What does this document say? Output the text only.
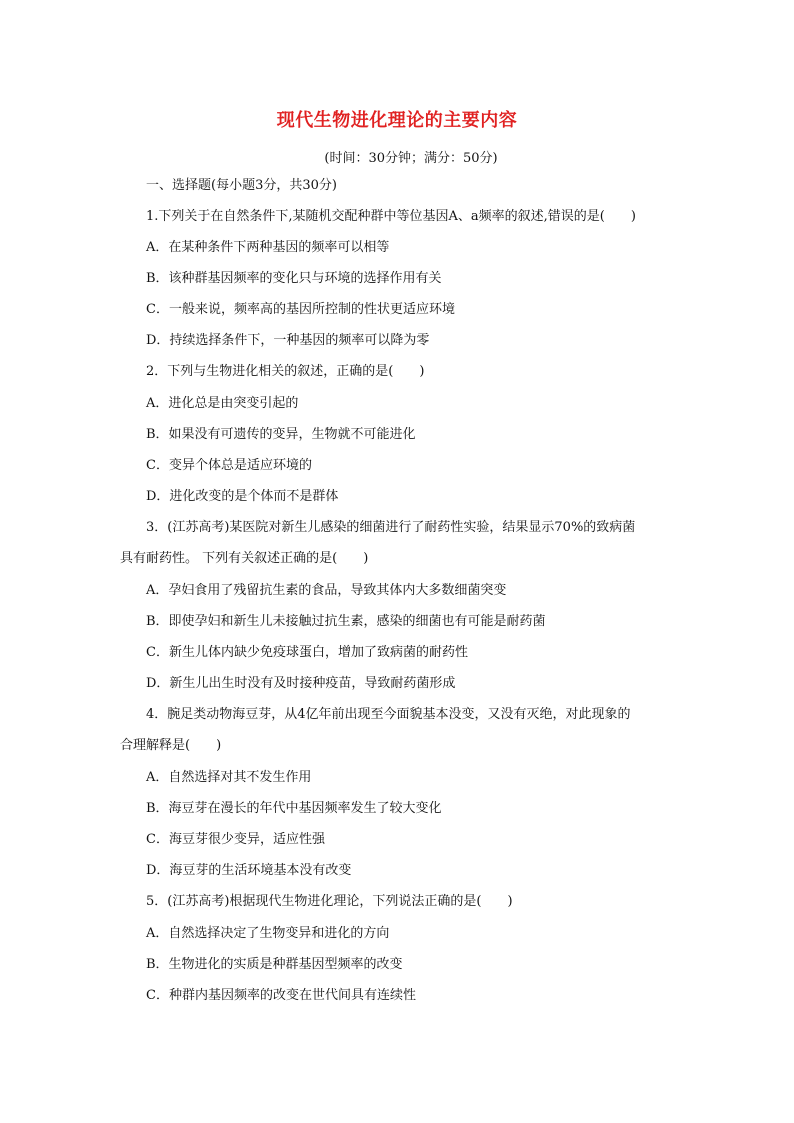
现代生物进化理论的主要内容
(时间：30分钟；满分：50分)
一、选择题(每小题3分，共30分)
1.下列关于在自然条件下,某随机交配种群中等位基因A、a频率的叙述,错误的是(　　)
A．在某种条件下两种基因的频率可以相等
B．该种群基因频率的变化只与环境的选择作用有关
C．一般来说，频率高的基因所控制的性状更适应环境
D．持续选择条件下，一种基因的频率可以降为零
2．下列与生物进化相关的叙述，正确的是(　　)
A．进化总是由突变引起的
B．如果没有可遗传的变异，生物就不可能进化
C．变异个体总是适应环境的
D．进化改变的是个体而不是群体
3．(江苏高考)某医院对新生儿感染的细菌进行了耐药性实验，结果显示70%的致病菌
具有耐药性。 下列有关叙述正确的是(　　)
A．孕妇食用了残留抗生素的食品，导致其体内大多数细菌突变
B．即使孕妇和新生儿未接触过抗生素，感染的细菌也有可能是耐药菌
C．新生儿体内缺少免疫球蛋白，增加了致病菌的耐药性
D．新生儿出生时没有及时接种疫苗，导致耐药菌形成
4．腕足类动物海豆芽，从4亿年前出现至今面貌基本没变，又没有灭绝，对此现象的
合理解释是(　　)
A．自然选择对其不发生作用
B．海豆芽在漫长的年代中基因频率发生了较大变化
C．海豆芽很少变异，适应性强
D．海豆芽的生活环境基本没有改变
5．(江苏高考)根据现代生物进化理论，下列说法正确的是(　　)
A．自然选择决定了生物变异和进化的方向
B．生物进化的实质是种群基因型频率的改变
C．种群内基因频率的改变在世代间具有连续性
